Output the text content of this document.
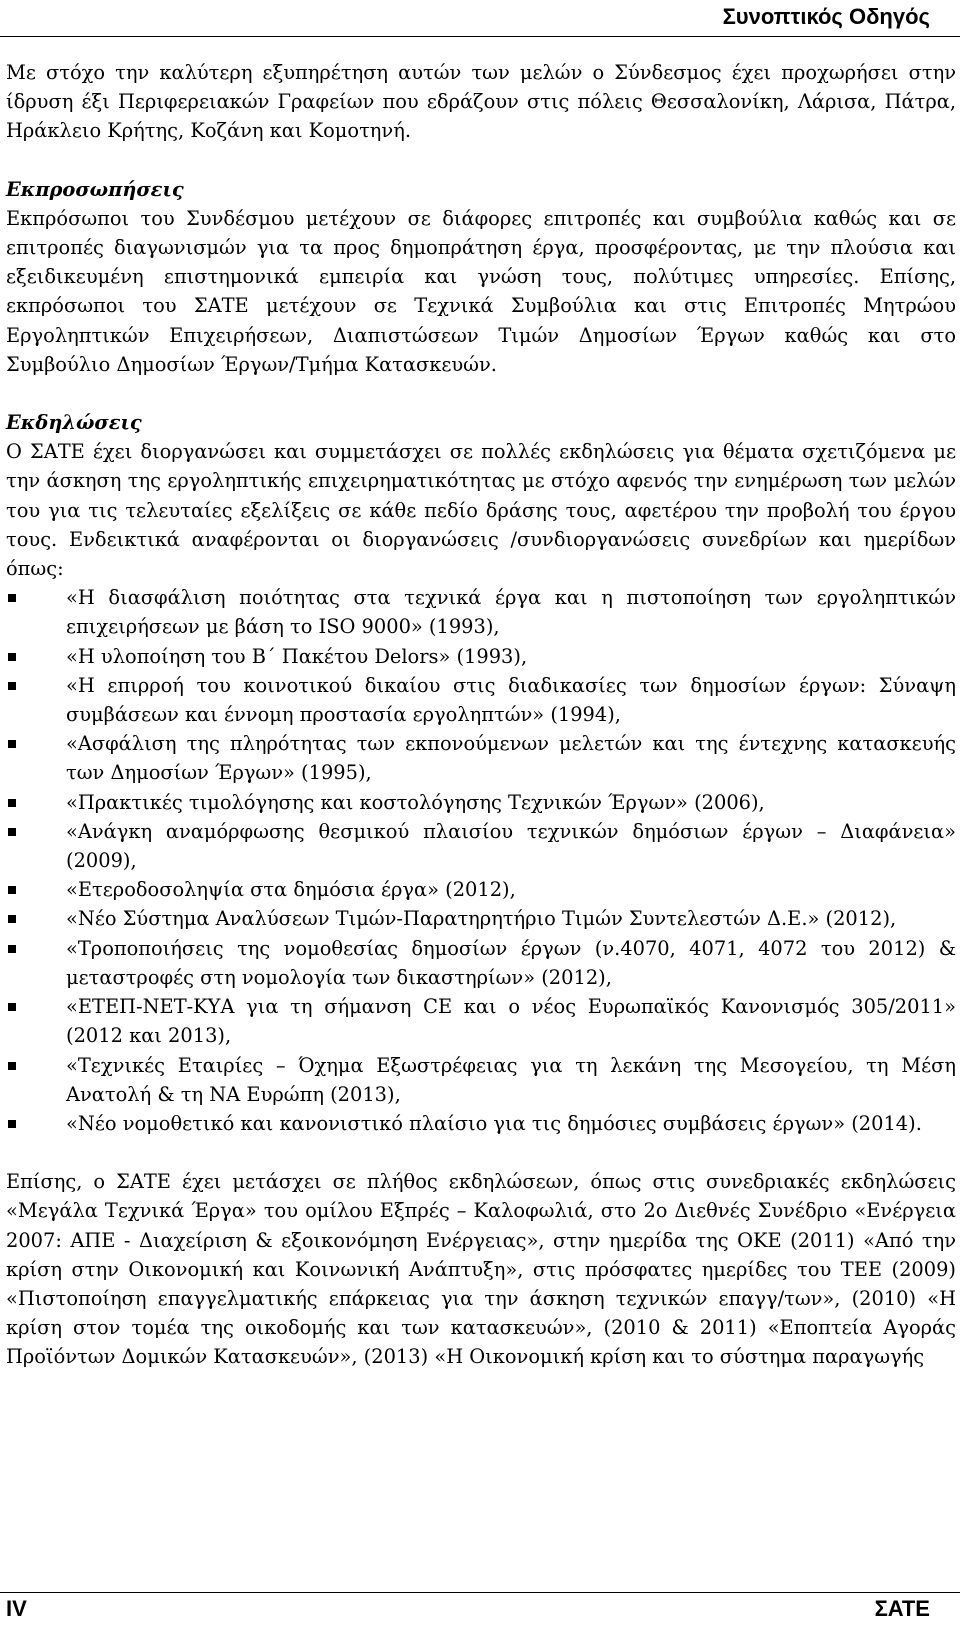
Συνοπτικός Οδηγός

Με στόχο την καλύτερη εξυπηρέτηση αυτών των μελών ο Σύνδεσμος έχει προχωρήσει στην ίδρυση έξι Περιφερειακών Γραφείων που εδράζουν στις πόλεις Θεσσαλονίκη, Λάρισα, Πάτρα, Ηράκλειο Κρήτης, Κοζάνη και Κομοτηνή.

Εκπροσωπήσεις

Εκπρόσωποι του Συνδέσμου μετέχουν σε διάφορες επιτροπές και συμβούλια καθώς και σε επιτροπές διαγωνισμών για τα προς δημοπράτηση έργα, προσφέροντας, με την πλούσια και εξειδικευμένη επιστημονικά εμπειρία και γνώση τους, πολύτιμες υπηρεσίες. Επίσης, εκπρόσωποι του ΣΑΤΕ μετέχουν σε Τεχνικά Συμβούλια και στις Επιτροπές Μητρώου Εργοληπτικών Επιχειρήσεων, Διαπιστώσεων Τιμών Δημοσίων Έργων καθώς και στο Συμβούλιο Δημοσίων Έργων/Τμήμα Κατασκευών.

Εκδηλώσεις

Ο ΣΑΤΕ έχει διοργανώσει και συμμετάσχει σε πολλές εκδηλώσεις για θέματα σχετιζόμενα με την άσκηση της εργοληπτικής επιχειρηματικότητας με στόχο αφενός την ενημέρωση των μελών του για τις τελευταίες εξελίξεις σε κάθε πεδίο δράσης τους, αφετέρου την προβολή του έργου τους. Ενδεικτικά αναφέρονται οι διοργανώσεις /συνδιοργανώσεις συνεδρίων και ημερίδων όπως:

«Η διασφάλιση ποιότητας στα τεχνικά έργα και η πιστοποίηση των εργοληπτικών επιχειρήσεων με βάση το ISO 9000» (1993),
«Η υλοποίηση του Β΄ Πακέτου Delors» (1993),
«Η επιρροή του κοινοτικού δικαίου στις διαδικασίες των δημοσίων έργων: Σύναψη συμβάσεων και έννομη προστασία εργοληπτών» (1994),
«Ασφάλιση της πληρότητας των εκπονούμενων μελετών και της έντεχνης κατασκευής των Δημοσίων Έργων» (1995),
«Πρακτικές τιμολόγησης και κοστολόγησης Τεχνικών Έργων» (2006),
«Ανάγκη αναμόρφωσης θεσμικού πλαισίου τεχνικών δημόσιων έργων – Διαφάνεια» (2009),
«Ετεροδοσοληψία στα δημόσια έργα» (2012),
«Νέο Σύστημα Αναλύσεων Τιμών-Παρατηρητήριο Τιμών Συντελεστών Δ.Ε.» (2012),
«Τροποποιήσεις της νομοθεσίας δημοσίων έργων (ν.4070, 4071, 4072 του 2012) & μεταστροφές στη νομολογία των δικαστηρίων» (2012),
«ΕΤΕΠ-ΝΕΤ-ΚΥΑ για τη σήμανση CE και ο νέος Ευρωπαϊκός Κανονισμός 305/2011» (2012 και 2013),
«Τεχνικές Εταιρίες – Όχημα Εξωστρέφειας για τη λεκάνη της Μεσογείου, τη Μέση Ανατολή & τη ΝΑ Ευρώπη (2013),
«Νέο νομοθετικό και κανονιστικό πλαίσιο για τις δημόσιες συμβάσεις έργων» (2014).

Επίσης, ο ΣΑΤΕ έχει μετάσχει σε πλήθος εκδηλώσεων, όπως στις συνεδριακές εκδηλώσεις «Μεγάλα Τεχνικά Έργα» του ομίλου Εξπρές – Καλοφωλιά, στο 2ο Διεθνές Συνέδριο «Ενέργεια 2007: ΑΠΕ - Διαχείριση & εξοικονόμηση Ενέργειας», στην ημερίδα της ΟΚΕ (2011) «Από την κρίση στην Οικονομική και Κοινωνική Ανάπτυξη», στις πρόσφατες ημερίδες του ΤΕΕ (2009) «Πιστοποίηση επαγγελματικής επάρκειας για την άσκηση τεχνικών επαγγ/των», (2010) «Η κρίση στον τομέα της οικοδομής και των κατασκευών», (2010 & 2011) «Εποπτεία Αγοράς Προϊόντων Δομικών Κατασκευών», (2013) «Η Οικονομική κρίση και το σύστημα παραγωγής

IV	ΣΑΤΕ
